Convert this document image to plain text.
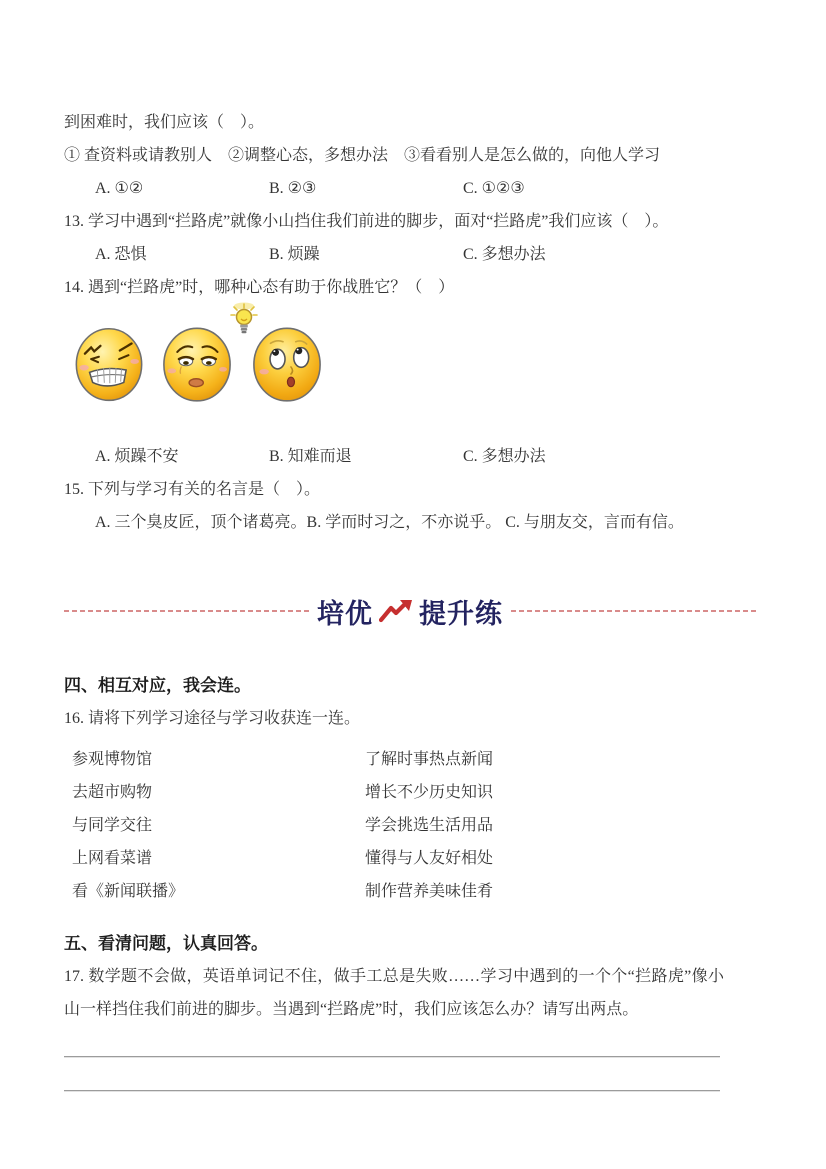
到困难时，我们应该（　）。

① 查资料或请教别人　②调整心态，多想办法　③看看别人是怎么做的，向他人学习

A. ①②	B. ②③	C. ①②③

13. 学习中遇到“拦路虎”就像小山挡住我们前进的脚步，面对“拦路虎”我们应该（　）。

A. 恐惧	B. 烦躁	C. 多想办法

14. 遇到“拦路虎”时，哪种心态有助于你战胜它？（　）

A. 烦躁不安	B. 知难而退	C. 多想办法

15. 下列与学习有关的名言是（　）。

A. 三个臭皮匠，顶个诸葛亮。B. 学而时习之，不亦说乎。 C. 与朋友交，言而有信。

培优 提升练

四、相互对应，我会连。

16. 请将下列学习途径与学习收获连一连。

参观博物馆	了解时事热点新闻
去超市购物	增长不少历史知识
与同学交往	学会挑选生活用品
上网看菜谱	懂得与人友好相处
看《新闻联播》	制作营养美味佳肴

五、看清问题，认真回答。

17. 数学题不会做，英语单词记不住，做手工总是失败……学习中遇到的一个个“拦路虎”像小山一样挡住我们前进的脚步。当遇到“拦路虎”时，我们应该怎么办？请写出两点。

＿＿＿＿＿＿＿＿＿＿＿＿＿＿＿＿＿＿＿＿＿＿＿＿＿＿＿＿＿＿＿＿＿＿＿＿＿＿＿＿＿

＿＿＿＿＿＿＿＿＿＿＿＿＿＿＿＿＿＿＿＿＿＿＿＿＿＿＿＿＿＿＿＿＿＿＿＿＿＿＿＿＿
